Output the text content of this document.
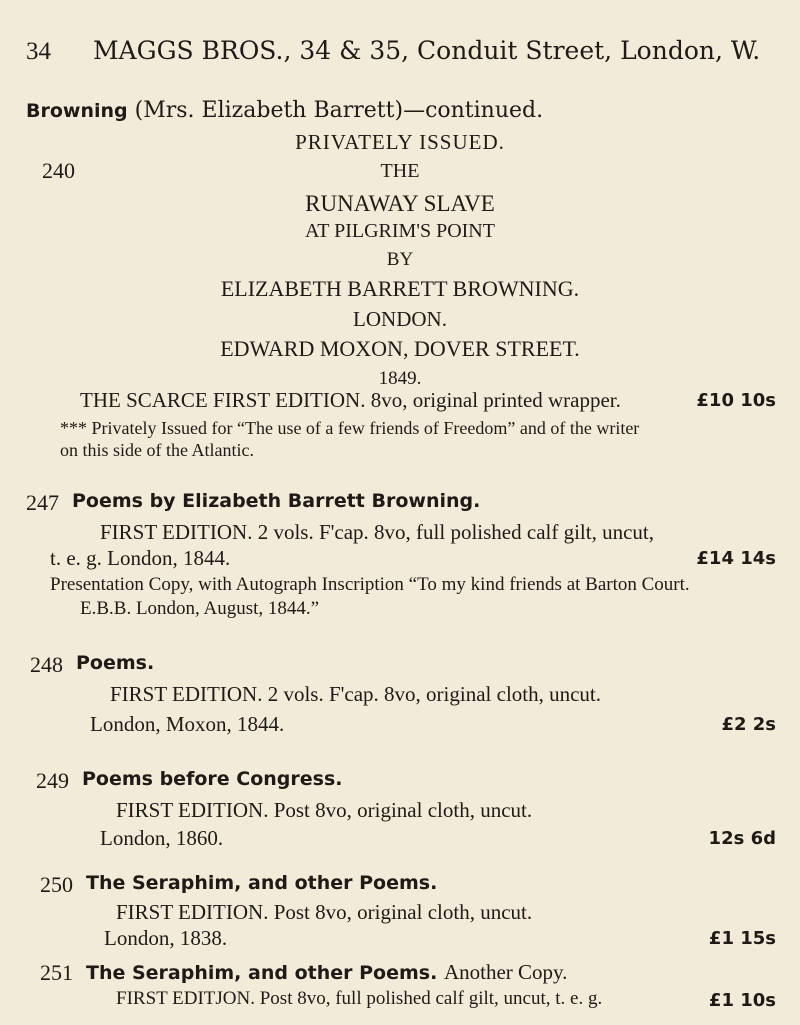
34 MAGGS BROS., 34 & 35, Conduit Street, London, W.
Browning (Mrs. Elizabeth Barrett)—continued.
PRIVATELY ISSUED.
240	THE
RUNAWAY SLAVE
AT PILGRIM'S POINT
BY
ELIZABETH BARRETT BROWNING.
LONDON.
EDWARD MOXON, DOVER STREET.
1849.
THE SCARCE FIRST EDITION. 8vo, original printed wrapper.	£10 10s
*** Privately Issued for “The use of a few friends of Freedom” and of the writer
on this side of the Atlantic.
247 Poems by Elizabeth Barrett Browning.
FIRST EDITION. 2 vols. F'cap. 8vo, full polished calf gilt, uncut,
t. e. g. London, 1844.	£14 14s
Presentation Copy, with Autograph Inscription “To my kind friends at Barton Court.
E.B.B. London, August, 1844.”
248 Poems.
FIRST EDITION. 2 vols. F'cap. 8vo, original cloth, uncut.
London, Moxon, 1844.	£2 2s
249 Poems before Congress.
FIRST EDITION. Post 8vo, original cloth, uncut.
London, 1860.	12s 6d
250 The Seraphim, and other Poems.
FIRST EDITION. Post 8vo, original cloth, uncut.
London, 1838.	£1 15s
251 The Seraphim, and other Poems. Another Copy.
FIRST EDITJON. Post 8vo, full polished calf gilt, uncut, t. e. g.	£1 10s
